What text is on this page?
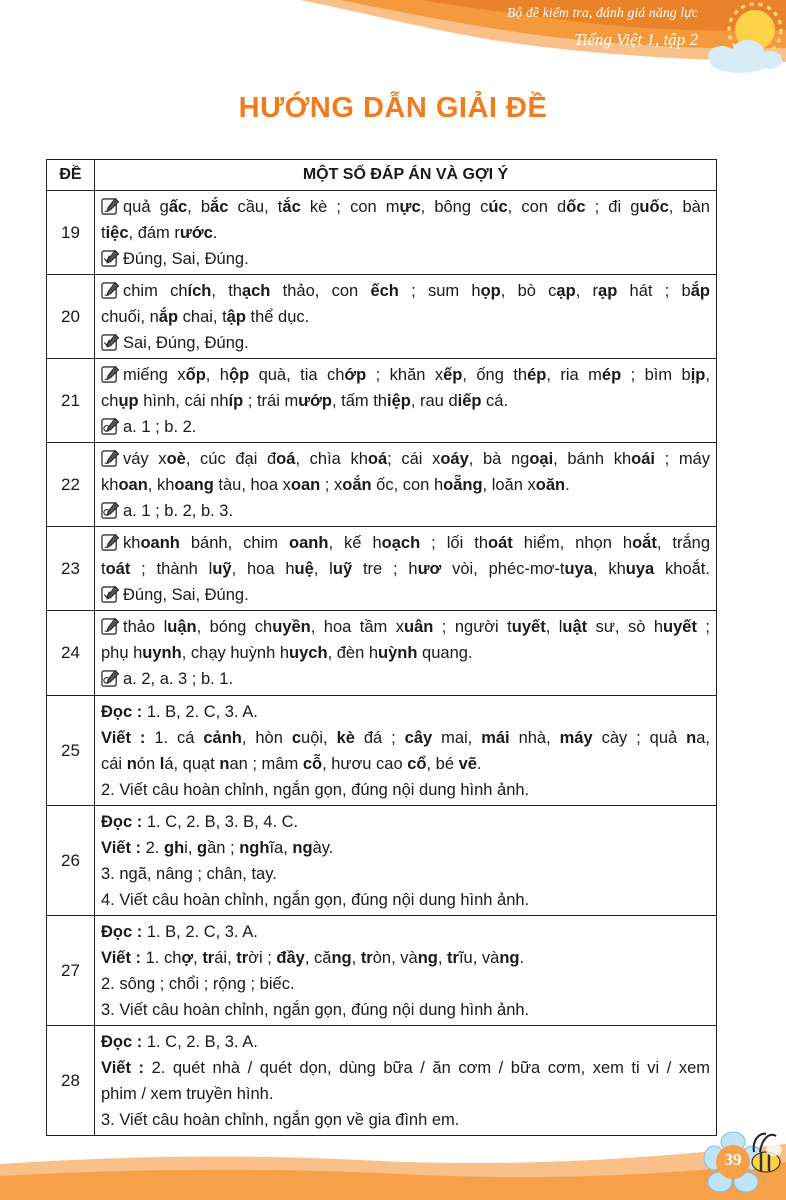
Bộ đề kiểm tra, đánh giá năng lực
Tiếng Việt 1, tập 2
HƯỚNG DẪN GIẢI ĐỀ
ĐỀ	MỘT SỐ ĐÁP ÁN VÀ GỢI Ý
19	quả gấc, bắc cầu, tắc kè ; con mực, bông cúc, con dốc ; đi guốc, bàn
tiệc, đám rước.
Đúng, Sai, Đúng.

20	chim chích, thạch thảo, con ếch ; sum họp, bò cạp, rạp hát ; bắp
chuối, nắp chai, tập thể dục.
Sai, Đúng, Đúng.

21	miếng xốp, hộp quà, tia chớp ; khăn xếp, ống thép, ria mép ; bìm bịp,
chụp hình, cái nhíp ; trái mướp, tấm thiệp, rau diếp cá.
a. 1 ; b. 2.

22	váy xoè, cúc đại đoá, chìa khoá; cái xoáy, bà ngoại, bánh khoái ; máy
khoan, khoang tàu, hoa xoan ; xoắn ốc, con hoẵng, loăn xoăn.
a. 1 ; b. 2, b. 3.

23	khoanh bánh, chim oanh, kế hoạch ; lối thoát hiểm, nhọn hoắt, trắng
toát ; thành luỹ, hoa huệ, luỹ tre ; hươ vòi, phéc-mơ-tuya, khuya khoắt.
Đúng, Sai, Đúng.

24	thảo luận, bóng chuyền, hoa tầm xuân ; người tuyết, luật sư, sò huyết ;
phụ huynh, chạy huỳnh huych, đèn huỳnh quang.
a. 2, a. 3 ; b. 1.

25	Đọc : 1. B, 2. C, 3. A.
Viết : 1. cá cảnh, hòn cuội, kè đá ; cây mai, mái nhà, máy cày ; quả na,
cái nón lá, quạt nan ; mâm cỗ, hươu cao cổ, bé vẽ.
2. Viết câu hoàn chỉnh, ngắn gọn, đúng nội dung hình ảnh.

26	Đọc : 1. C, 2. B, 3. B, 4. C.
Viết : 2. ghi, gần ; nghĩa, ngày.
3. ngã, nâng ; chân, tay.
4. Viết câu hoàn chỉnh, ngắn gọn, đúng nội dung hình ảnh.

27	Đọc : 1. B, 2. C, 3. A.
Viết : 1. chợ, trái, trời ; đầy, căng, tròn, vàng, trĩu, vàng.
2. sông ; chổi ; rộng ; biếc.
3. Viết câu hoàn chỉnh, ngắn gọn, đúng nội dung hình ảnh.

28	Đọc : 1. C, 2. B, 3. A.
Viết : 2. quét nhà / quét dọn, dùng bữa / ăn cơm / bữa cơm, xem ti vi / xem
phim / xem truyền hình.
3. Viết câu hoàn chỉnh, ngắn gọn về gia đình em.
39
